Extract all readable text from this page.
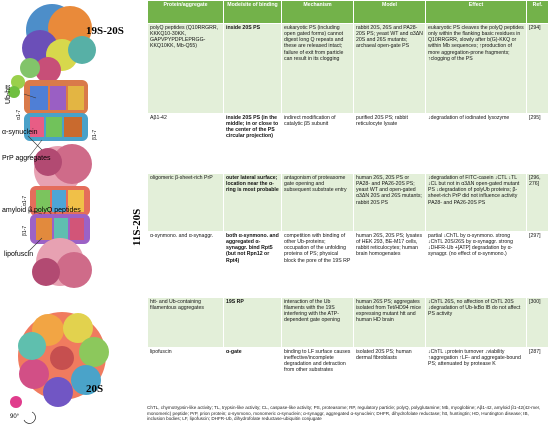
19S-20S
11S-20S
20S
Ub-htt
α-synuclein
PrP aggregates
amyloid β polyQ peptides
lipofuscin
α1-7
β1-7
α1-7
β1-7
90°
Protein/aggregate	Mode/site of binding	Mechanism	Model	Effect	Ref.
polyQ peptides (Q10RRGRR, KKKQ10-30KK, GAPVPYPDPLEPRGG-KKQ10KK, Mb-Q55)	inside 20S PS	eukaryotic PS (including open gated forms) cannot digest long Q repeats and these are released intact; failure of exit from particle can result in its clogging	rabbit 20S, 26S and PA28-20S PS; yeast WT and α3ΔN 20S and 26S mutants; archaeal open-gate PS	eukaryotic PS cleaves the polyQ peptides only within the flanking basic residues in Q10RRGRR, slowly after b(G)-KKQ or within Mb sequences; ↑production of more aggregation-prone fragments; ↑clogging of the PS	[294]
Aβ1-42	inside 20S PS (in the middle; in or close to the center of the PS circular projection)	indirect modification of catalytic β5 subunit	purified 20S PS; rabbit reticulocyte lysate	↓degradation of iodinated lysozyme	[295]
oligomeric β-sheet-rich PrP	outer lateral surface; location near the α-ring is most probable	antagonism of proteasome gate opening and subsequent substrate entry	human 26S, 20S PS or PA28- and PA26-20S PS; yeast WT and open-gated α3ΔN 20S and 26S mutants; rabbit 20S PS	↓degradation of FITC-casein ↓CTL ↓TL ↓CL but not in α3ΔN open-gated mutant PS ↓degradation of polyUb proteins; β-sheet-rich PrP did not influence activity PA28- and PA26-20S PS	[296, 276]
α-synmono. and α-synaggr.	both α-synmono. and aggregated α-synaggr. bind Rpt5 (but not Rpn12 or Rpt4)	competition with binding of other Ub-proteins; occupation of the unfolding proteins of PS; physical block the pore of the 19S RP	human 26S, 20S PS; lysates of HEK 293, BE-M17 cells, rabbit reticulocytes; human brain homogenates	partial ↓ChTL by α-synmono. strong ↓ChTL 20S/26S by α-synaggr. strong ↓DHFR-Ub +[ATP] degradation by α-synaggr. (no effect of α-synmono.)	[297]
htt- and Ub-containing filamentous aggregates	19S RP	interaction of the Ub filaments with the 19S interfering with the ATP-dependent gate opening	human 26S PS; aggregates isolated from Tet/HD94 mice expressing mutant htt and human HD brain	↓ChTL 26S, no affection of ChTL 20S ↓degradation of Ub-IκBα IB do not affect PS activity	[300]
lipofuscin	α-gate	binding to LF surface causes ineffective/incomplete degradation and detraction from other substrates	isolated 20S PS; human dermal fibroblasts	↓ChTL ↓protein turnover ↓viability ↑aggregation ↑LF- and aggregate-bound PS; attenuated by protease K	[287]
ChTL, chymotrypsin-like activity; TL, trypsin-like activity; CL, caspase-like activity; PS, proteasome; RP, regulatory particle; polyQ, polyglutamine; Mb, myoglobine; Aβ1-42, amyloid β1-42(42-mer, monomeric) peptide; PrP, prion protein; α-synmono, monomeric α-synuclein; α-synaggr, aggregated α-synuclein; DHFR, dihydrofolate reductase; htt, huntingtin; HD, Huntington disease; IB, inclusion bodies; LF, lipofuscin; DHFR-Ub, dihydrofolate reductase-ubiquitin conjugate
